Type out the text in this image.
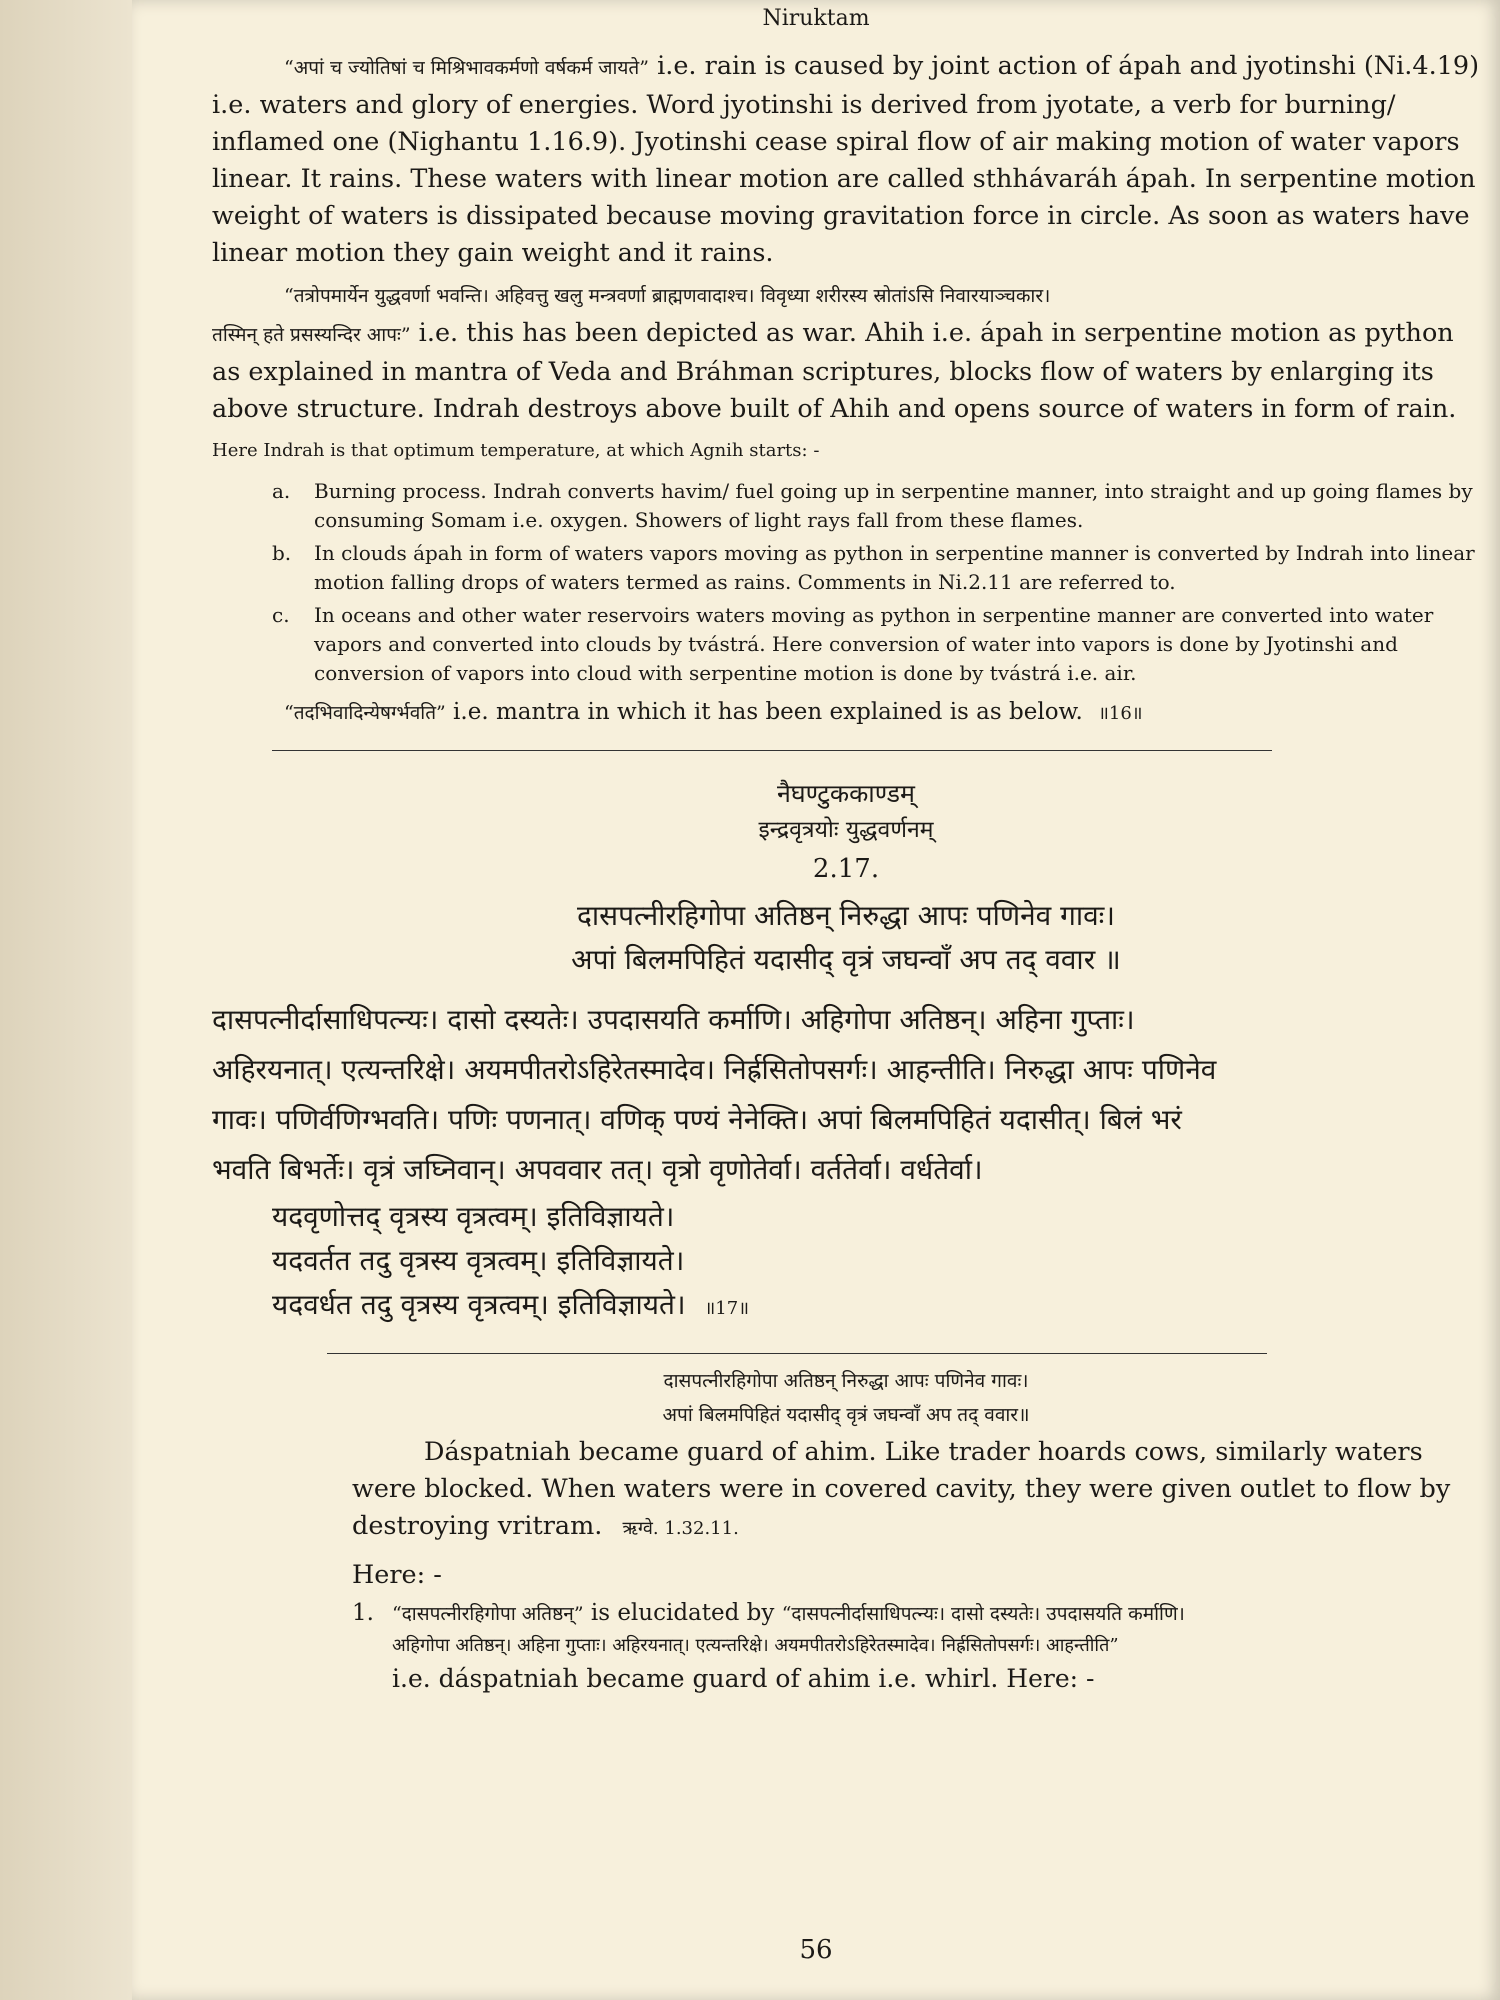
Niruktam

“अपां च ज्योतिषां च मिश्रिभावकर्मणो वर्षकर्म जायते” i.e. rain is caused by joint action of ápah and jyotinshi (Ni.4.19) i.e. waters and glory of energies. Word jyotinshi is derived from jyotate, a verb for burning/ inflamed one (Nighantu 1.16.9). Jyotinshi cease spiral flow of air making motion of water vapors linear. It rains. These waters with linear motion are called sthhávaráh ápah. In serpentine motion weight of waters is dissipated because moving gravitation force in circle. As soon as waters have linear motion they gain weight and it rains.

“तत्रोपमार्येन युद्धवर्णा भवन्ति। अहिवत्तु खलु मन्त्रवर्णा ब्राह्मणवादाश्च। विवृध्या शरीरस्य स्रोतांऽसि निवारयाञ्चकार।
तस्मिन् हते प्रसस्यन्दिर आपः” i.e. this has been depicted as war. Ahih i.e. ápah in serpentine motion as python as explained in mantra of Veda and Bráhman scriptures, blocks flow of waters by enlarging its above structure. Indrah destroys above built of Ahih and opens source of waters in form of rain. Here Indrah is that optimum temperature, at which Agnih starts: -

a. Burning process. Indrah converts havim/ fuel going up in serpentine manner, into straight and up going flames by consuming Somam i.e. oxygen. Showers of light rays fall from these flames.
b. In clouds ápah in form of waters vapors moving as python in serpentine manner is converted by Indrah into linear motion falling drops of waters termed as rains. Comments in Ni.2.11 are referred to.
c. In oceans and other water reservoirs waters moving as python in serpentine manner are converted into water vapors and converted into clouds by tvástrá. Here conversion of water into vapors is done by Jyotinshi and conversion of vapors into cloud with serpentine motion is done by tvástrá i.e. air.

“तदभिवादिन्येषर्ग्भवति” i.e. mantra in which it has been explained is as below. ॥16॥

नैघण्टुककाण्डम्
इन्द्रवृत्रयोः युद्धवर्णनम्
2.17.
दासपत्नीरहिगोपा अतिष्ठन् निरुद्धा आपः पणिनेव गावः।
अपां बिलमपिहितं यदासीद् वृत्रं जघन्वाँ अप तद् ववार ॥
दासपत्नीर्दासाधिपत्न्यः। दासो दस्यतेः। उपदासयति कर्माणि। अहिगोपा अतिष्ठन्। अहिना गुप्ताः।
अहिरयनात्। एत्यन्तरिक्षे। अयमपीतरोऽहिरेतस्मादेव। निर्ह्रसितोपसर्गः। आहन्तीति। निरुद्धा आपः पणिनेव
गावः। पणिर्वणिग्भवति। पणिः पणनात्। वणिक् पण्यं नेनेक्ति। अपां बिलमपिहितं यदासीत्। बिलं भरं
भवति बिभर्तेः। वृत्रं जघ्निवान्। अपववार तत्। वृत्रो वृणोतेर्वा। वर्ततेर्वा। वर्धतेर्वा।
यदवृणोत्तद् वृत्रस्य वृत्रत्वम्। इतिविज्ञायते।
यदवर्तत तदु वृत्रस्य वृत्रत्वम्। इतिविज्ञायते।
यदवर्धत तदु वृत्रस्य वृत्रत्वम्। इतिविज्ञायते। ॥17॥
दासपत्नीरहिगोपा अतिष्ठन् निरुद्धा आपः पणिनेव गावः।
अपां बिलमपिहितं यदासीद् वृत्रं जघन्वाँ अप तद् ववार॥

Dáspatniah became guard of ahim. Like trader hoards cows, similarly waters were blocked. When waters were in covered cavity, they were given outlet to flow by destroying vritram. ऋग्वे. 1.32.11.

Here: -

1. “दासपत्नीरहिगोपा अतिष्ठन्” is elucidated by “दासपत्नीर्दासाधिपत्न्यः। दासो दस्यतेः। उपदासयति कर्माणि।
अहिगोपा अतिष्ठन्। अहिना गुप्ताः। अहिरयनात्। एत्यन्तरिक्षे। अयमपीतरोऽहिरेतस्मादेव। निर्ह्रसितोपसर्गः। आहन्तीति”
i.e. dáspatniah became guard of ahim i.e. whirl. Here: -
56
